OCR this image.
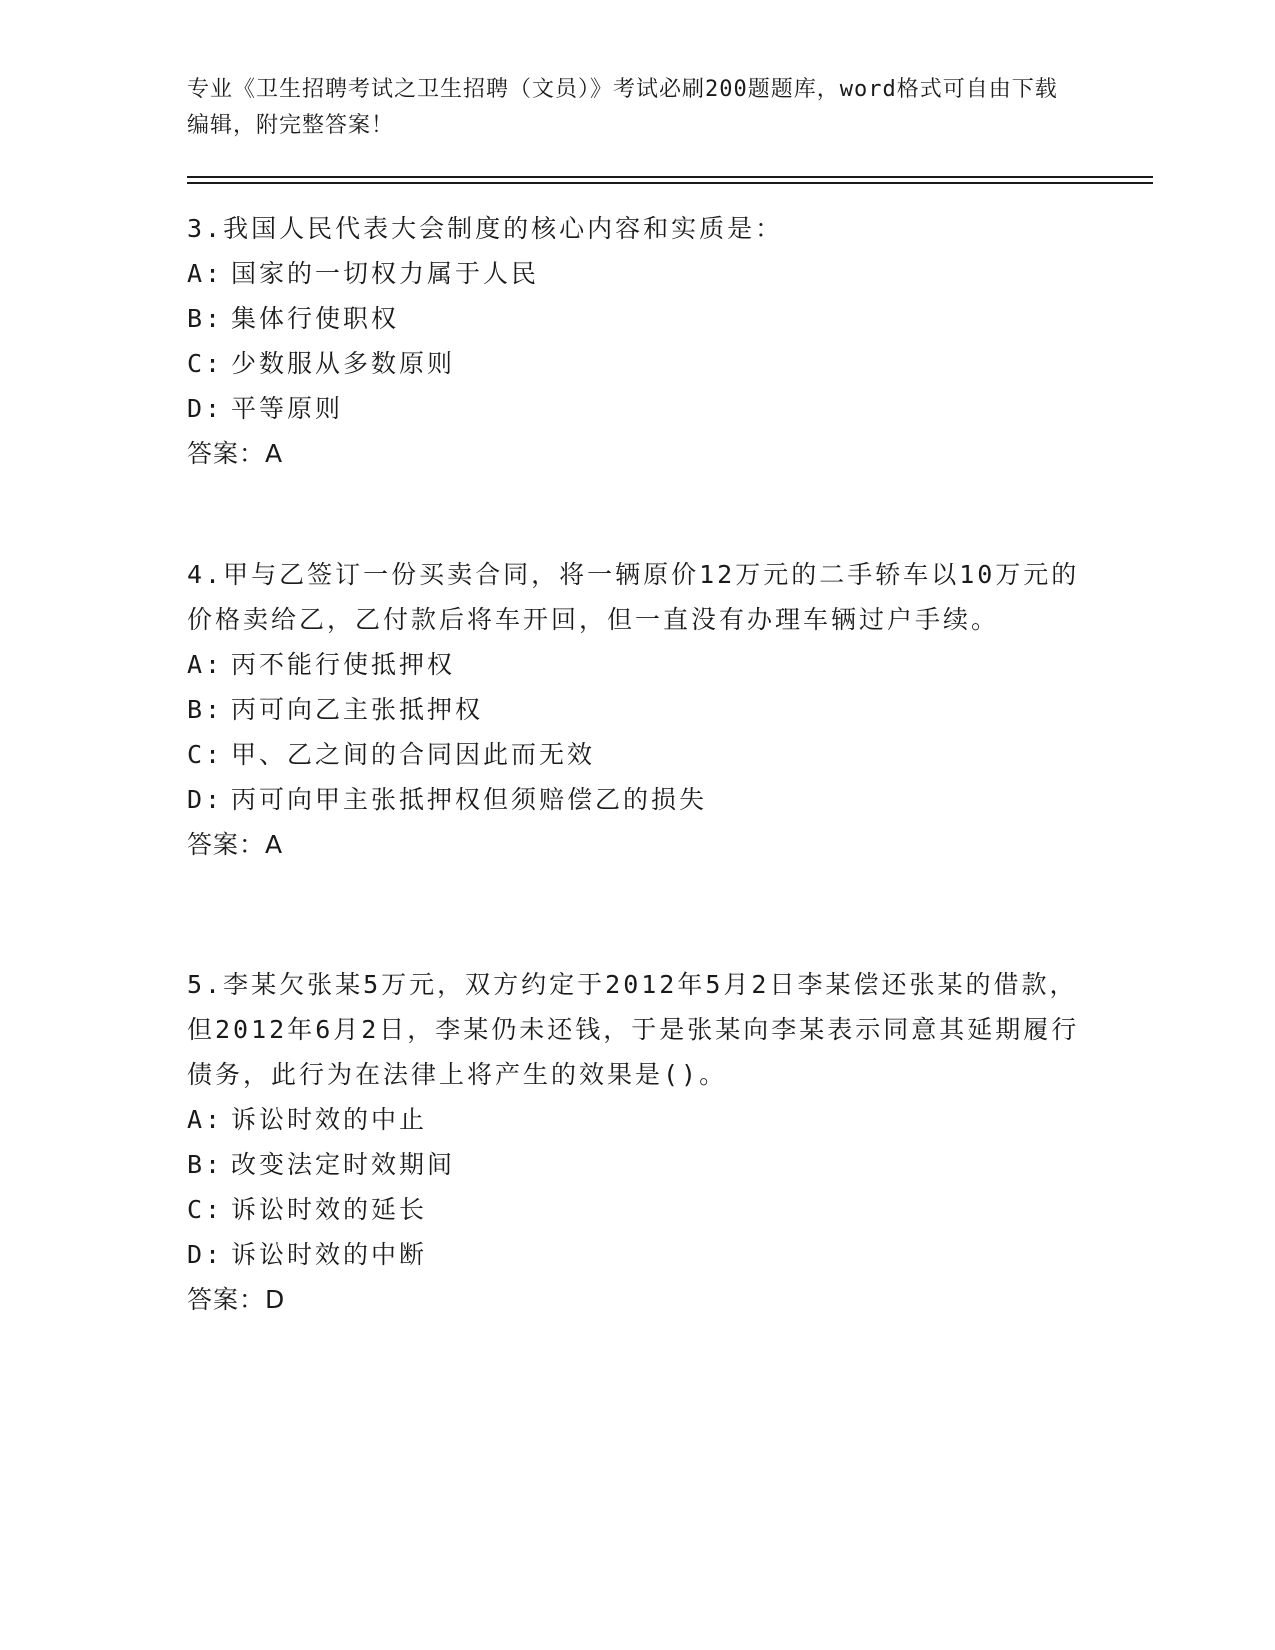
专业《卫生招聘考试之卫生招聘（文员）》考试必刷200题题库，word格式可自由下载编辑，附完整答案！
3.我国人民代表大会制度的核心内容和实质是：
A: 国家的一切权力属于人民
B: 集体行使职权
C: 少数服从多数原则
D: 平等原则
答案：A
4.甲与乙签订一份买卖合同，将一辆原价12万元的二手轿车以10万元的价格卖给乙，乙付款后将车开回，但一直没有办理车辆过户手续。
A: 丙不能行使抵押权
B: 丙可向乙主张抵押权
C: 甲、乙之间的合同因此而无效
D: 丙可向甲主张抵押权但须赔偿乙的损失
答案：A
5.李某欠张某5万元，双方约定于2012年5月2日李某偿还张某的借款，但2012年6月2日，李某仍未还钱，于是张某向李某表示同意其延期履行债务，此行为在法律上将产生的效果是()。
A: 诉讼时效的中止
B: 改变法定时效期间
C: 诉讼时效的延长
D: 诉讼时效的中断
答案：D
